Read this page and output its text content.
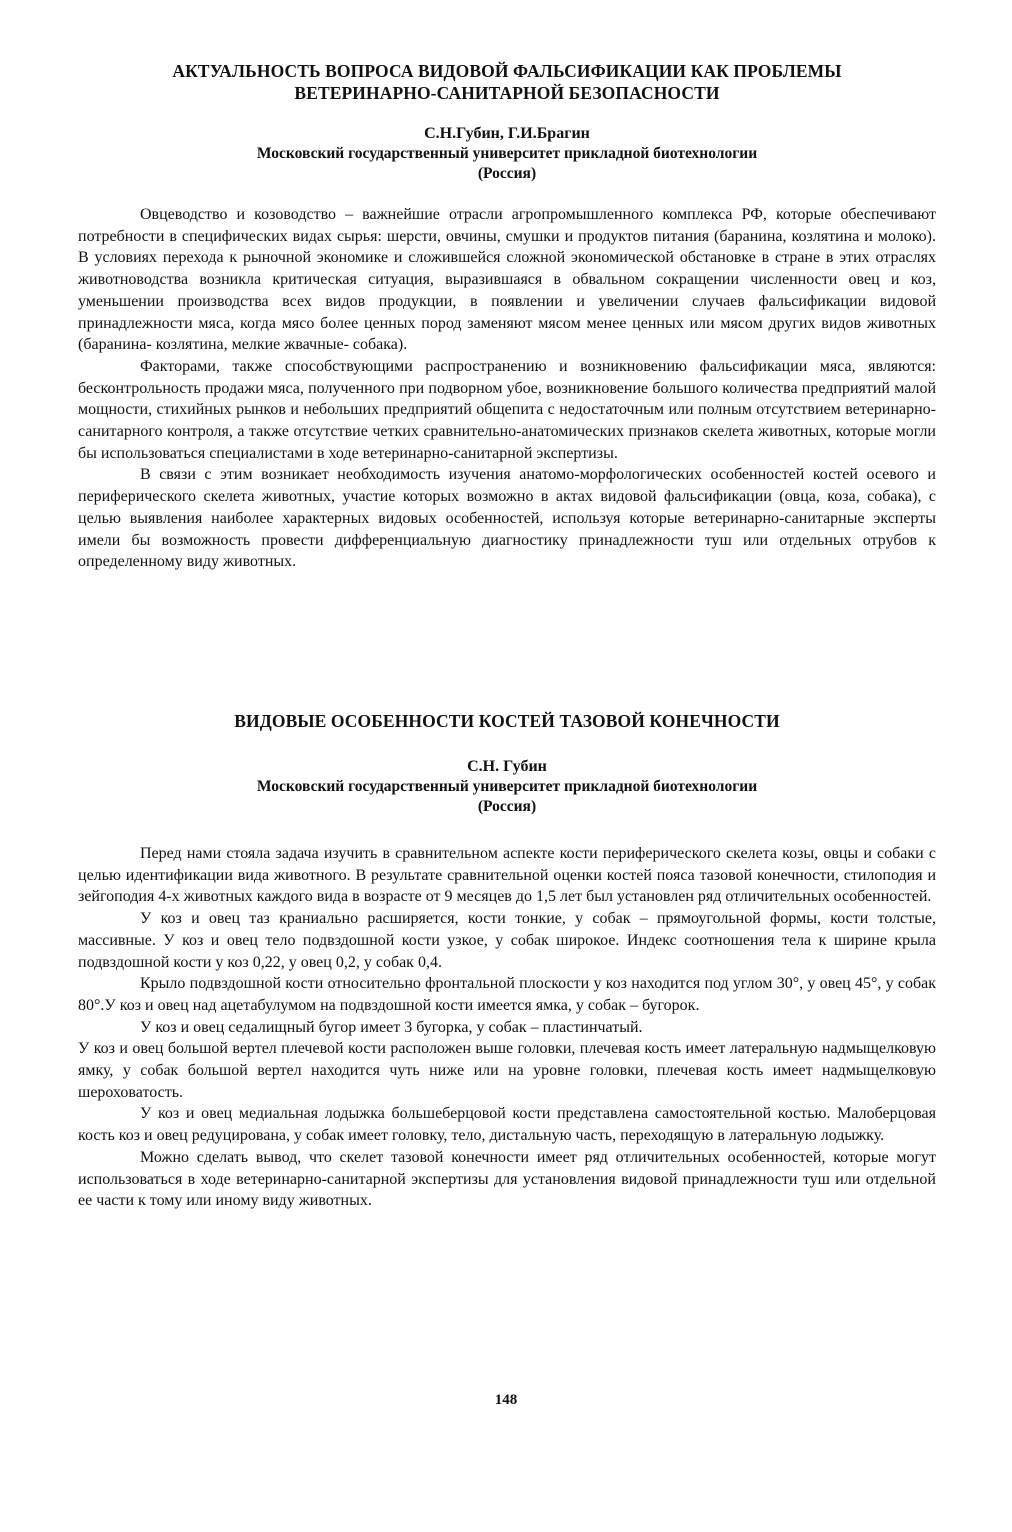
АКТУАЛЬНОСТЬ ВОПРОСА ВИДОВОЙ ФАЛЬСИФИКАЦИИ КАК ПРОБЛЕМЫ

ВЕТЕРИНАРНО-САНИТАРНОЙ БЕЗОПАСНОСТИ

С.Н.Губин, Г.И.Брагин

Московский государственный университет прикладной биотехнологии

(Россия)

Овцеводство и козоводство – важнейшие отрасли агропромышленного комплекса РФ, которые обеспечивают потребности в специфических видах сырья: шерсти, овчины, смушки и продуктов питания (баранина, козлятина и молоко). В условиях перехода к рыночной экономике и сложившейся сложной экономической обстановке в стране в этих отраслях животноводства возникла критическая ситуация, выразившаяся в обвальном сокращении численности овец и коз, уменьшении производства всех видов продукции, в появлении и увеличении случаев фальсификации видовой принадлежности мяса, когда мясо более ценных пород заменяют мясом менее ценных или мясом других видов животных (баранина- козлятина, мелкие жвачные- собака).

Факторами, также способствующими распространению и возникновению фальсификации мяса, являются: бесконтрольность продажи мяса, полученного при подворном убое, возникновение большого количества предприятий малой мощности, стихийных рынков и небольших предприятий общепита с недостаточным или полным отсутствием ветеринарно-санитарного контроля, а также отсутствие четких сравнительно-анатомических признаков скелета животных, которые могли бы использоваться специалистами в ходе ветеринарно-санитарной экспертизы.

В связи с этим возникает необходимость изучения анатомо-морфологических особенностей костей осевого и периферического скелета животных, участие которых возможно в актах видовой фальсификации (овца, коза, собака), с целью выявления наиболее характерных видовых особенностей, используя которые ветеринарно-санитарные эксперты имели бы возможность провести дифференциальную диагностику принадлежности туш или отдельных отрубов к определенному виду животных.

ВИДОВЫЕ ОСОБЕННОСТИ КОСТЕЙ ТАЗОВОЙ КОНЕЧНОСТИ

С.Н. Губин

Московский государственный университет прикладной биотехнологии

(Россия)

Перед нами стояла задача изучить в сравнительном аспекте кости периферического скелета козы, овцы и собаки с целью идентификации вида животного. В результате сравнительной оценки костей пояса тазовой конечности, стилоподия и зейгоподия 4-х животных каждого вида в возрасте от 9 месяцев до 1,5 лет был установлен ряд отличительных особенностей.

У коз и овец таз краниально расширяется, кости тонкие, у собак – прямоугольной формы, кости толстые, массивные. У коз и овец тело подвздошной кости узкое, у собак широкое. Индекс соотношения тела к ширине крыла подвздошной кости у коз 0,22, у овец 0,2, у собак 0,4.

Крыло подвздошной кости относительно фронтальной плоскости у коз находится под углом 30°, у овец 45°, у собак 80°.У коз и овец над ацетабулумом на подвздошной кости имеется ямка, у собак – бугорок.

У коз и овец седалищный бугор имеет 3 бугорка, у собак – пластинчатый.

У коз и овец большой вертел плечевой кости расположен выше головки, плечевая кость имеет латеральную надмыщелковую ямку, у собак большой вертел находится чуть ниже или на уровне головки, плечевая кость имеет надмыщелковую шероховатость.

У коз и овец медиальная лодыжка большеберцовой кости представлена самостоятельной костью. Малоберцовая кость коз и овец редуцирована, у собак имеет головку, тело, дистальную часть, переходящую в латеральную лодыжку.

Можно сделать вывод, что скелет тазовой конечности имеет ряд отличительных особенностей, которые могут использоваться в ходе ветеринарно-санитарной экспертизы для установления видовой принадлежности туш или отдельной ее части к тому или иному виду животных.

148
